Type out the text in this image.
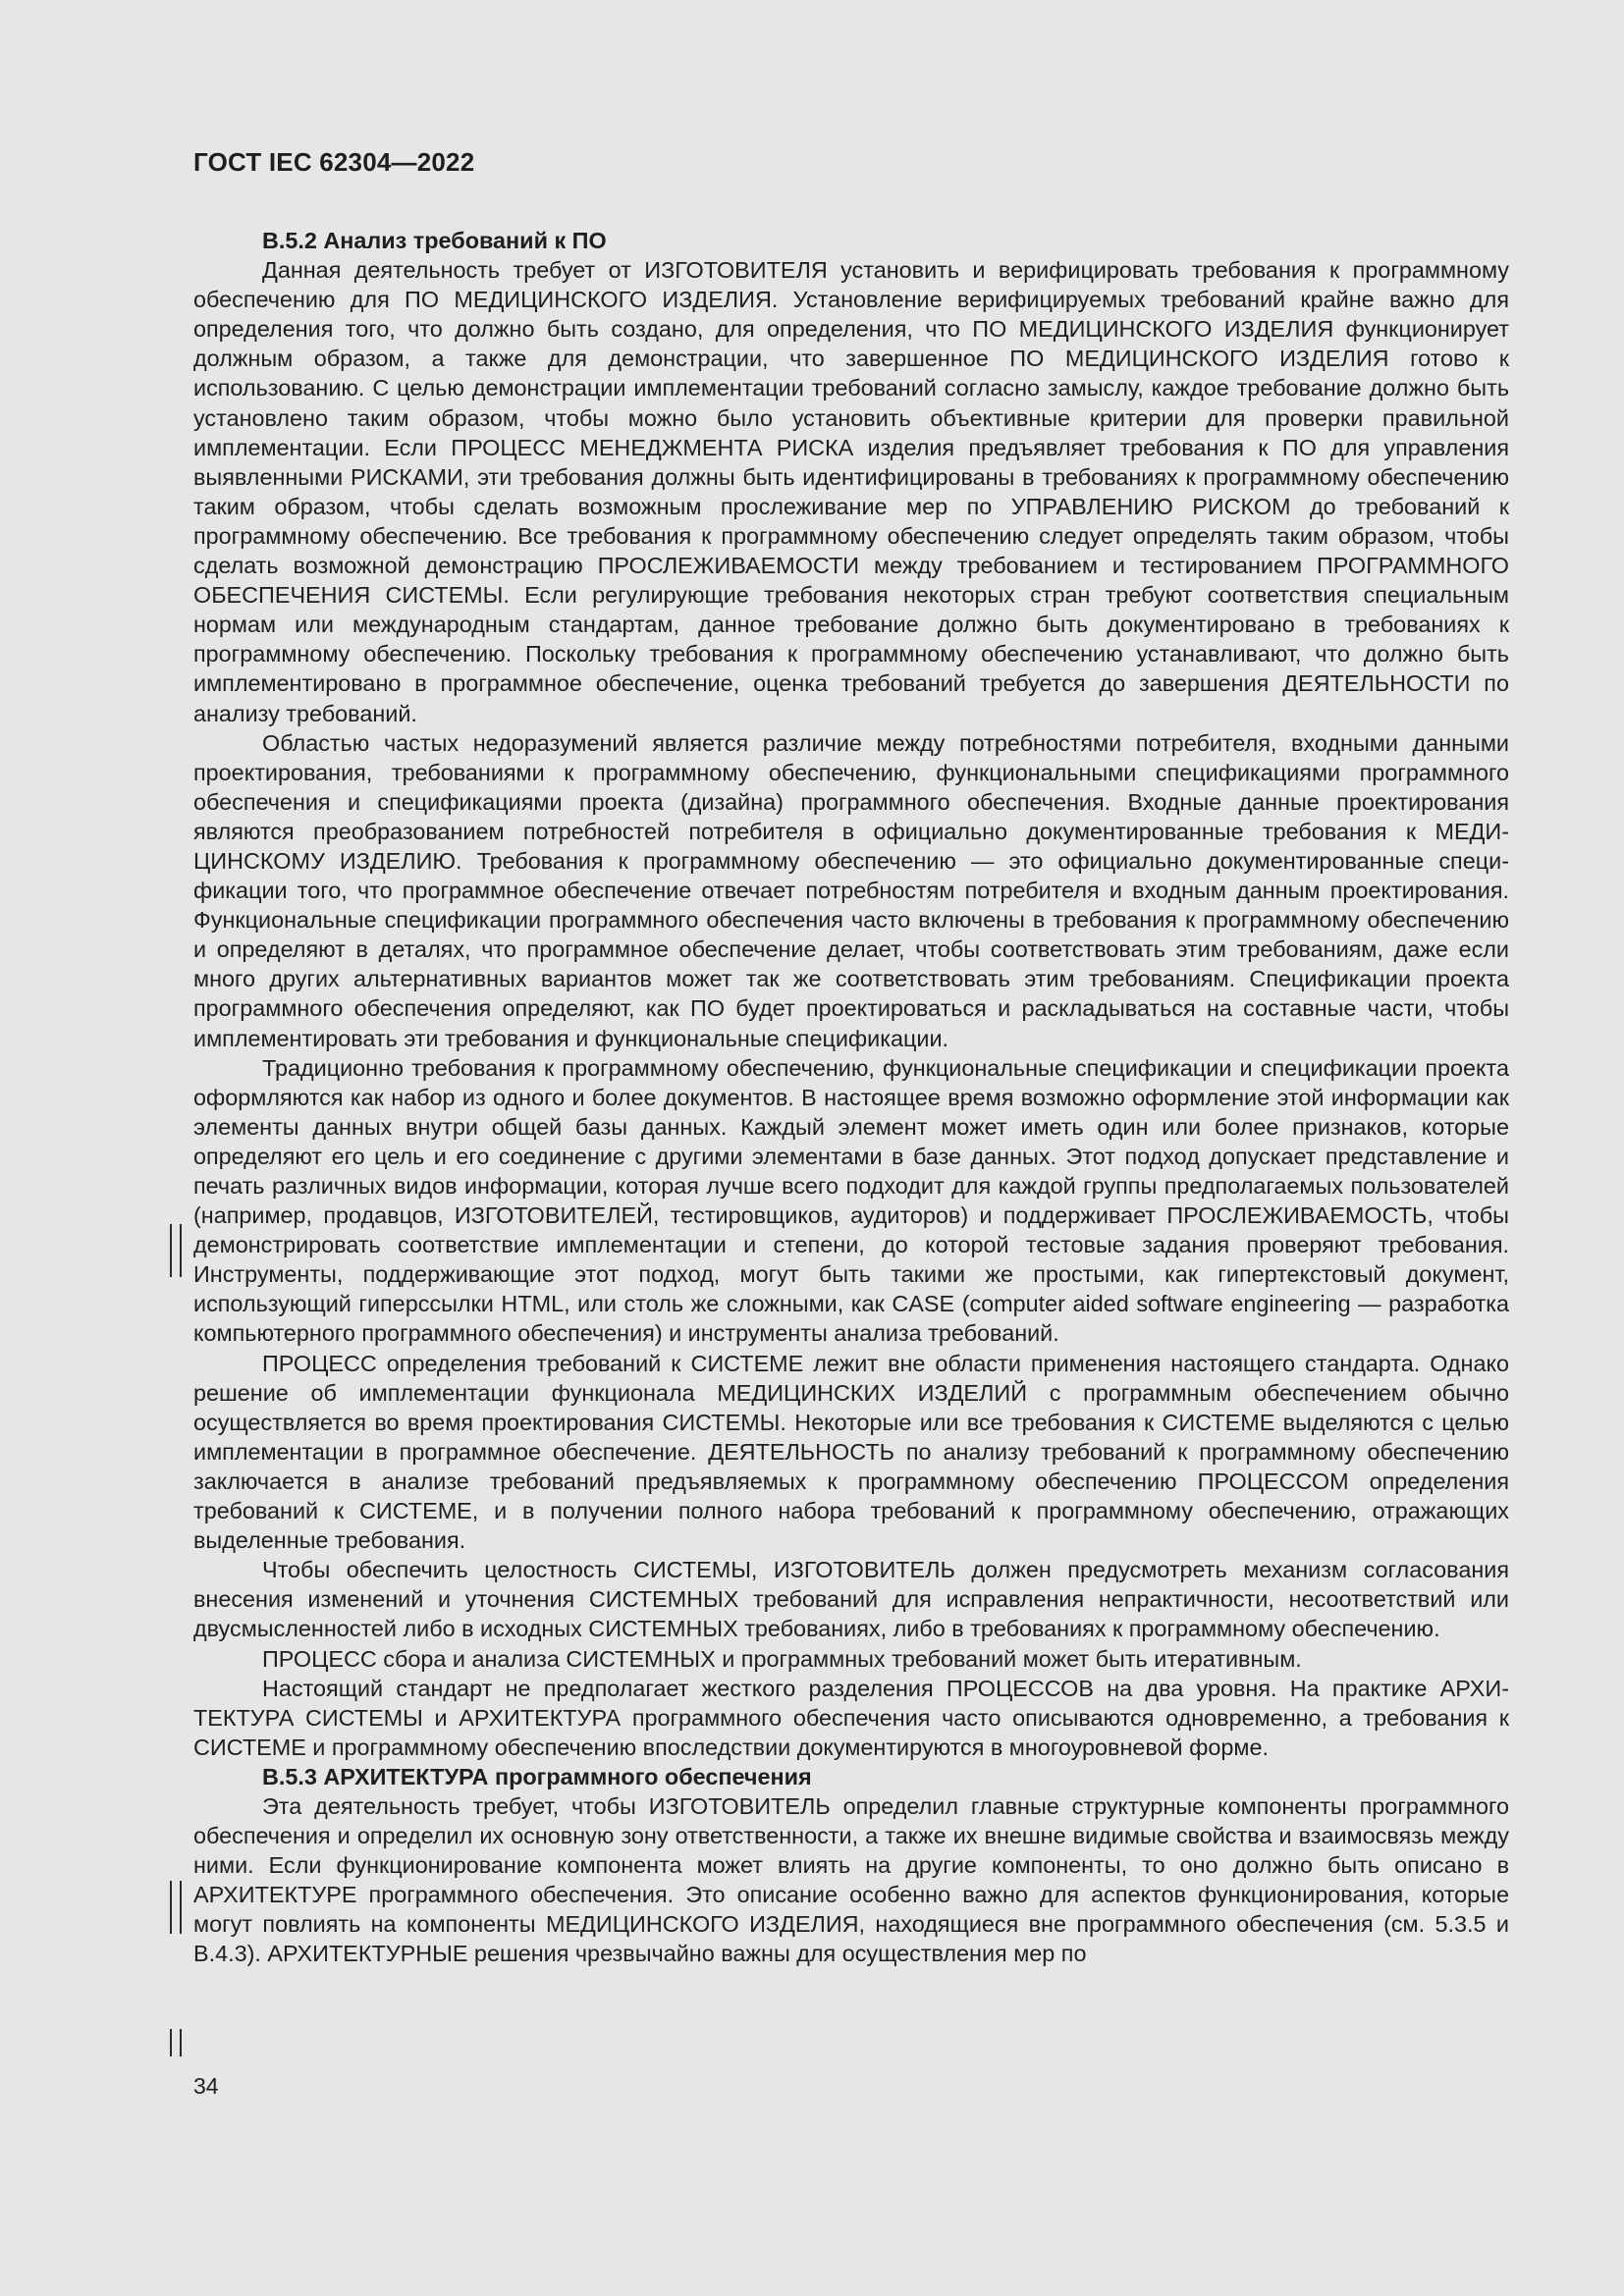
ГОСТ IEC 62304—2022
B.5.2 Анализ требований к ПО

Данная деятельность требует от ИЗГОТОВИТЕЛЯ установить и верифицировать требования к программному обеспечению для ПО МЕДИЦИНСКОГО ИЗДЕЛИЯ. Установление верифицируемых требований крайне важно для определения того, что должно быть создано, для определения, что ПО МЕДИЦИНСКОГО ИЗДЕЛИЯ функционирует должным образом, а также для демонстрации, что завершенное ПО МЕДИЦИНСКОГО ИЗДЕЛИЯ готово к использованию. С целью демонстрации имплементации требований согласно замыслу, каждое требование должно быть установлено таким образом, чтобы можно было установить объективные критерии для проверки правильной имплементации. Если ПРОЦЕСС МЕНЕДЖМЕНТА РИСКА изделия предъявляет требования к ПО для управления выявленными РИСКАМИ, эти требования должны быть идентифицированы в требованиях к программному обеспечению таким образом, чтобы сделать возможным прослеживание мер по УПРАВЛЕНИЮ РИСКОМ до требований к программному обеспечению. Все требования к программному обеспечению следует определять таким образом, чтобы сделать возможной демонстрацию ПРОСЛЕЖИВАЕМОСТИ между требованием и тестированием ПРОГРАММНОГО ОБЕСПЕЧЕНИЯ СИСТЕМЫ. Если регулирующие требования некоторых стран требуют соответствия специальным нормам или международным стандартам, данное требование должно быть документировано в требованиях к программному обеспечению. Поскольку требования к программному обеспечению устанавливают, что должно быть имплементировано в программное обеспечение, оценка требований требуется до завершения ДЕЯТЕЛЬНОСТИ по анализу требований.

Областью частых недоразумений является различие между потребностями потребителя, входными данными проектирования, требованиями к программному обеспечению, функциональными спецификациями программного обеспечения и спецификациями проекта (дизайна) программного обеспечения. Входные данные проектирования являются преобразованием потребностей потребителя в официально документированные требования к МЕДИЦИНСКОМУ ИЗДЕЛИЮ. Требования к программному обеспечению — это официально документированные спецификации того, что программное обеспечение отвечает потребностям потребителя и входным данным проектирования. Функциональные спецификации программного обеспечения часто включены в требования к программному обеспечению и определяют в деталях, что программное обеспечение делает, чтобы соответствовать этим требованиям, даже если много других альтернативных вариантов может так же соответствовать этим требованиям. Спецификации проекта программного обеспечения определяют, как ПО будет проектироваться и раскладываться на составные части, чтобы имплементировать эти требования и функциональные спецификации.

Традиционно требования к программному обеспечению, функциональные спецификации и спецификации проекта оформляются как набор из одного и более документов. В настоящее время возможно оформление этой информации как элементы данных внутри общей базы данных. Каждый элемент может иметь один или более признаков, которые определяют его цель и его соединение с другими элементами в базе данных. Этот подход допускает представление и печать различных видов информации, которая лучше всего подходит для каждой группы предполагаемых пользователей (например, продавцов, ИЗГОТОВИТЕЛЕЙ, тестировщиков, аудиторов) и поддерживает ПРОСЛЕЖИВАЕМОСТЬ, чтобы демонстрировать соответствие имплементации и степени, до которой тестовые задания проверяют требования. Инструменты, поддерживающие этот подход, могут быть такими же простыми, как гипертекстовый документ, использующий гиперссылки HTML, или столь же сложными, как CASE (computer aided software engineering — разработка компьютерного программного обеспечения) и инструменты анализа требований.

ПРОЦЕСС определения требований к СИСТЕМЕ лежит вне области применения настоящего стандарта. Однако решение об имплементации функционала МЕДИЦИНСКИХ ИЗДЕЛИЙ с программным обеспечением обычно осуществляется во время проектирования СИСТЕМЫ. Некоторые или все требования к СИСТЕМЕ выделяются с целью имплементации в программное обеспечение. ДЕЯТЕЛЬНОСТЬ по анализу требований к программному обеспечению заключается в анализе требований предъявляемых к программному обеспечению ПРОЦЕССОМ определения требований к СИСТЕМЕ, и в получении полного набора требований к программному обеспечению, отражающих выделенные требования.

Чтобы обеспечить целостность СИСТЕМЫ, ИЗГОТОВИТЕЛЬ должен предусмотреть механизм согласования внесения изменений и уточнения СИСТЕМНЫХ требований для исправления непрактичности, несоответствий или двусмысленностей либо в исходных СИСТЕМНЫХ требованиях, либо в требованиях к программному обеспечению.

ПРОЦЕСС сбора и анализа СИСТЕМНЫХ и программных требований может быть итеративным.

Настоящий стандарт не предполагает жесткого разделения ПРОЦЕССОВ на два уровня. На практике АРХИТЕКТУРА СИСТЕМЫ и АРХИТЕКТУРА программного обеспечения часто описываются одновременно, а требования к СИСТЕМЕ и программному обеспечению впоследствии документируются в многоуровневой форме.

B.5.3 АРХИТЕКТУРА программного обеспечения

Эта деятельность требует, чтобы ИЗГОТОВИТЕЛЬ определил главные структурные компоненты программного обеспечения и определил их основную зону ответственности, а также их внешне видимые свойства и взаимосвязь между ними. Если функционирование компонента может влиять на другие компоненты, то оно должно быть описано в АРХИТЕКТУРЕ программного обеспечения. Это описание особенно важно для аспектов функционирования, которые могут повлиять на компоненты МЕДИЦИНСКОГО ИЗДЕЛИЯ, находящиеся вне программного обеспечения (см. 5.3.5 и B.4.3). АРХИТЕКТУРНЫЕ решения чрезвычайно важны для осуществления мер по

34
